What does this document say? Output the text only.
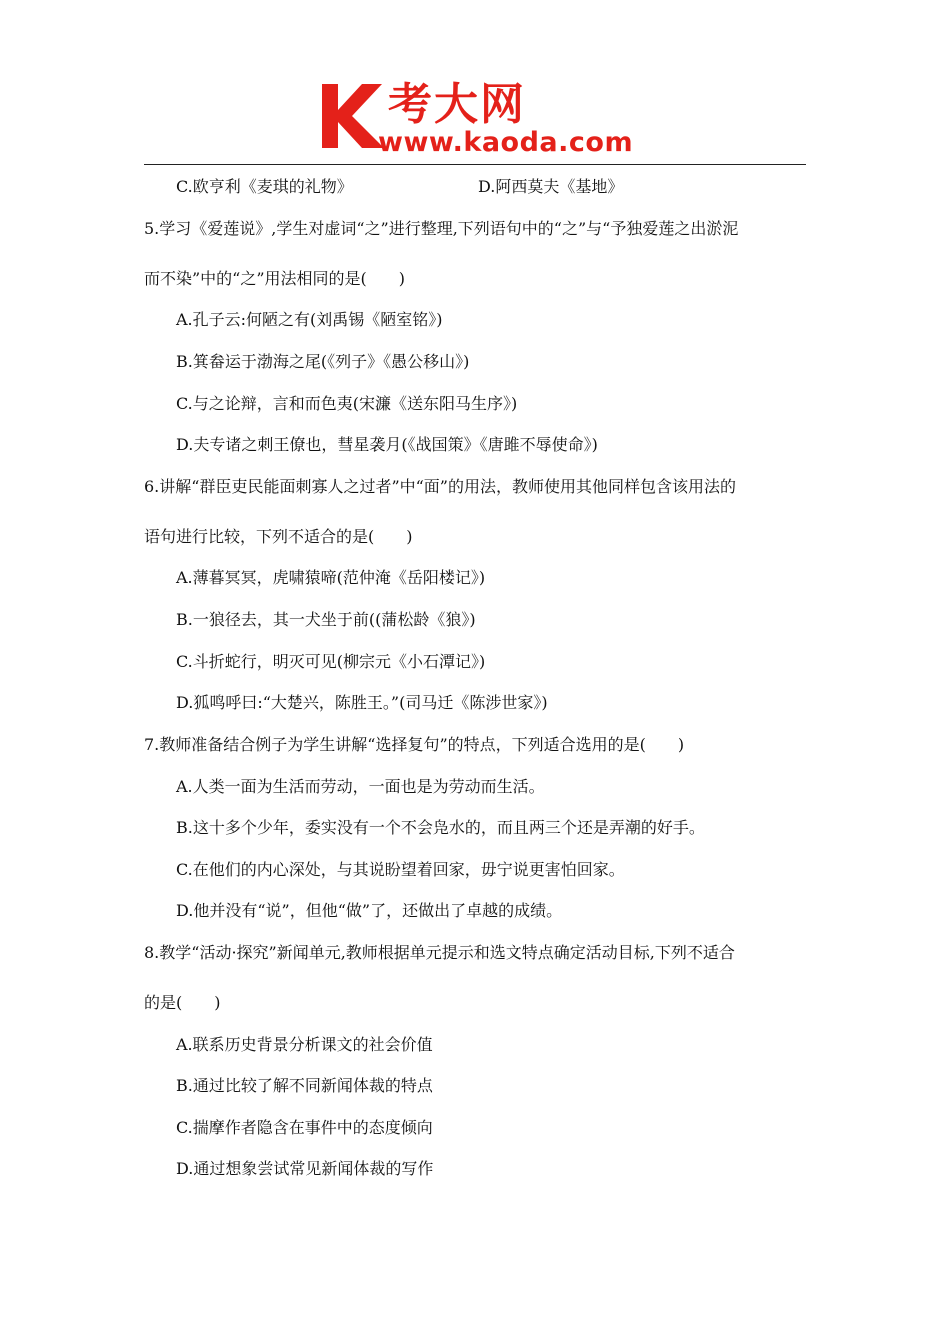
考大网
www.kaoda.com
C.欧亨利《麦琪的礼物》	D.阿西莫夫《基地》
5.学习《爱莲说》,学生对虚词“之”进行整理,下列语句中的“之”与“予独爱莲之出淤泥
而不染”中的“之”用法相同的是(　　)
A.孔子云:何陋之有(刘禹锡《陋室铭》)
B.箕畚运于渤海之尾(《列子》《愚公移山》)
C.与之论辩，言和而色夷(宋濂《送东阳马生序》)
D.夫专诸之刺王僚也，彗星袭月(《战国策》《唐雎不辱使命》)
6.讲解“群臣吏民能面刺寡人之过者”中“面”的用法，教师使用其他同样包含该用法的
语句进行比较，下列不适合的是(　　)
A.薄暮冥冥，虎啸猿啼(范仲淹《岳阳楼记》)
B.一狼径去，其一犬坐于前((蒲松龄《狼》)
C.斗折蛇行，明灭可见(柳宗元《小石潭记》)
D.狐鸣呼曰:“大楚兴，陈胜王。”(司马迁《陈涉世家》)
7.教师准备结合例子为学生讲解“选择复句”的特点，下列适合选用的是(　　)
A.人类一面为生活而劳动，一面也是为劳动而生活。
B.这十多个少年，委实没有一个不会凫水的，而且两三个还是弄潮的好手。
C.在他们的内心深处，与其说盼望着回家，毋宁说更害怕回家。
D.他并没有“说”，但他“做”了，还做出了卓越的成绩。
8.教学“活动·探究”新闻单元,教师根据单元提示和选文特点确定活动目标,下列不适合
的是(　　)
A.联系历史背景分析课文的社会价值
B.通过比较了解不同新闻体裁的特点
C.揣摩作者隐含在事件中的态度倾向
D.通过想象尝试常见新闻体裁的写作
